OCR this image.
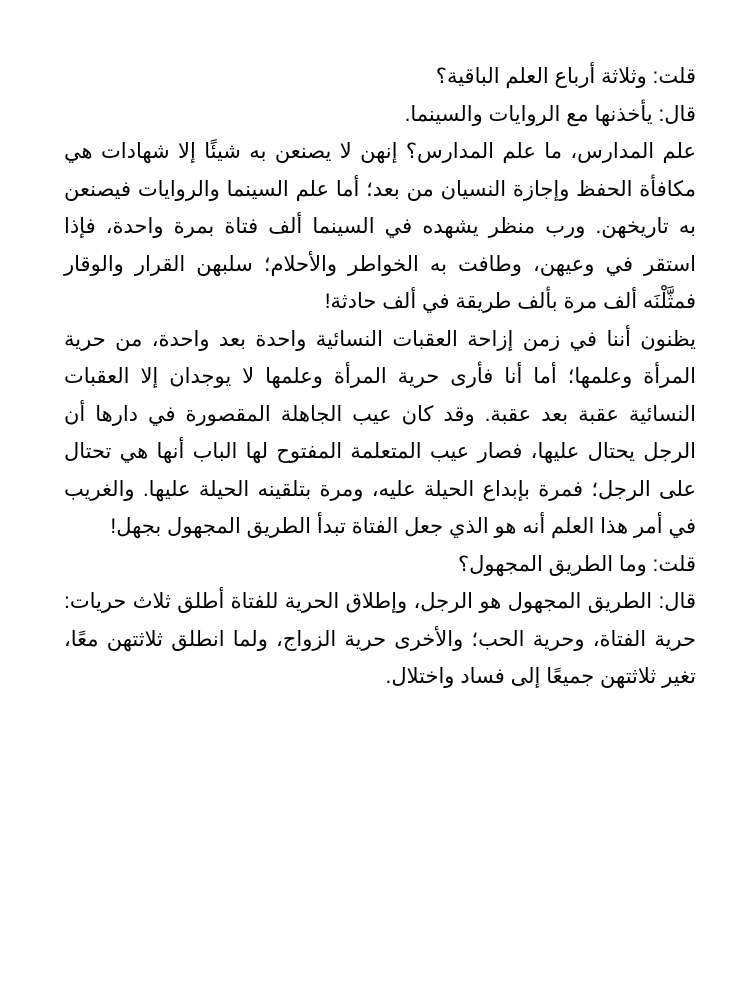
قلت: وثلاثة أرباع العلم الباقية؟

قال: يأخذنها مع الروايات والسينما.

علم المدارس، ما علم المدارس؟ إنهن لا يصنعن به شيئًا إلا شهادات هي مكافأة الحفظ وإجازة النسيان من بعد؛ أما علم السينما والروايات فيصنعن به تاريخهن. ورب منظر يشهده في السينما ألف فتاة بمرة واحدة، فإذا استقر في وعيهن، وطافت به الخواطر والأحلام؛ سلبهن القرار والوقار فمثَّلْنَه ألف مرة بألف طريقة في ألف حادثة!

يظنون أننا في زمن إزاحة العقبات النسائية واحدة بعد واحدة، من حرية المرأة وعلمها؛ أما أنا فأرى حرية المرأة وعلمها لا يوجدان إلا العقبات النسائية عقبة بعد عقبة. وقد كان عيب الجاهلة المقصورة في دارها أن الرجل يحتال عليها، فصار عيب المتعلمة المفتوح لها الباب أنها هي تحتال على الرجل؛ فمرة بإبداع الحيلة عليه، ومرة بتلقينه الحيلة عليها. والغريب في أمر هذا العلم أنه هو الذي جعل الفتاة تبدأ الطريق المجهول بجهل!

قلت: وما الطريق المجهول؟

قال: الطريق المجهول هو الرجل، وإطلاق الحرية للفتاة أطلق ثلاث حريات: حرية الفتاة، وحرية الحب؛ والأخرى حرية الزواج، ولما انطلق ثلاثتهن معًا، تغير ثلاثتهن جميعًا إلى فساد واختلال.
